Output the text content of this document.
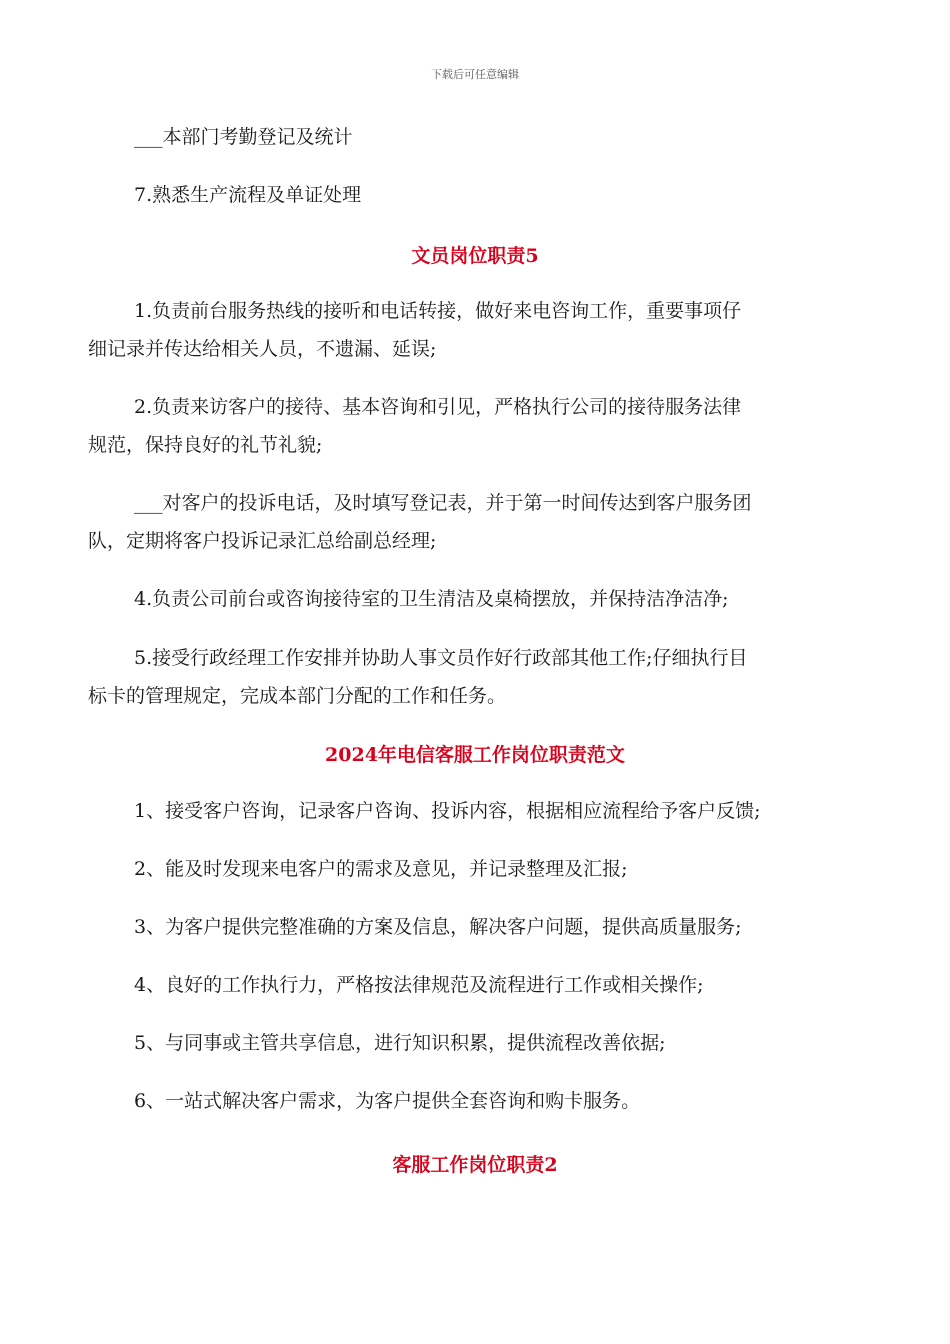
下载后可任意编辑
___本部门考勤登记及统计
7.熟悉生产流程及单证处理
文员岗位职责5
1.负责前台服务热线的接听和电话转接，做好来电咨询工作，重要事项仔
细记录并传达给相关人员，不遗漏、延误;
2.负责来访客户的接待、基本咨询和引见，严格执行公司的接待服务法律
规范，保持良好的礼节礼貌;
___对客户的投诉电话，及时填写登记表，并于第一时间传达到客户服务团
队，定期将客户投诉记录汇总给副总经理;
4.负责公司前台或咨询接待室的卫生清洁及桌椅摆放，并保持洁净洁净;
5.接受行政经理工作安排并协助人事文员作好行政部其他工作;仔细执行目
标卡的管理规定，完成本部门分配的工作和任务。
2024年电信客服工作岗位职责范文
1、接受客户咨询，记录客户咨询、投诉内容，根据相应流程给予客户反馈;
2、能及时发现来电客户的需求及意见，并记录整理及汇报;
3、为客户提供完整准确的方案及信息，解决客户问题，提供高质量服务;
4、良好的工作执行力，严格按法律规范及流程进行工作或相关操作;
5、与同事或主管共享信息，进行知识积累，提供流程改善依据;
6、一站式解决客户需求，为客户提供全套咨询和购卡服务。
客服工作岗位职责2
